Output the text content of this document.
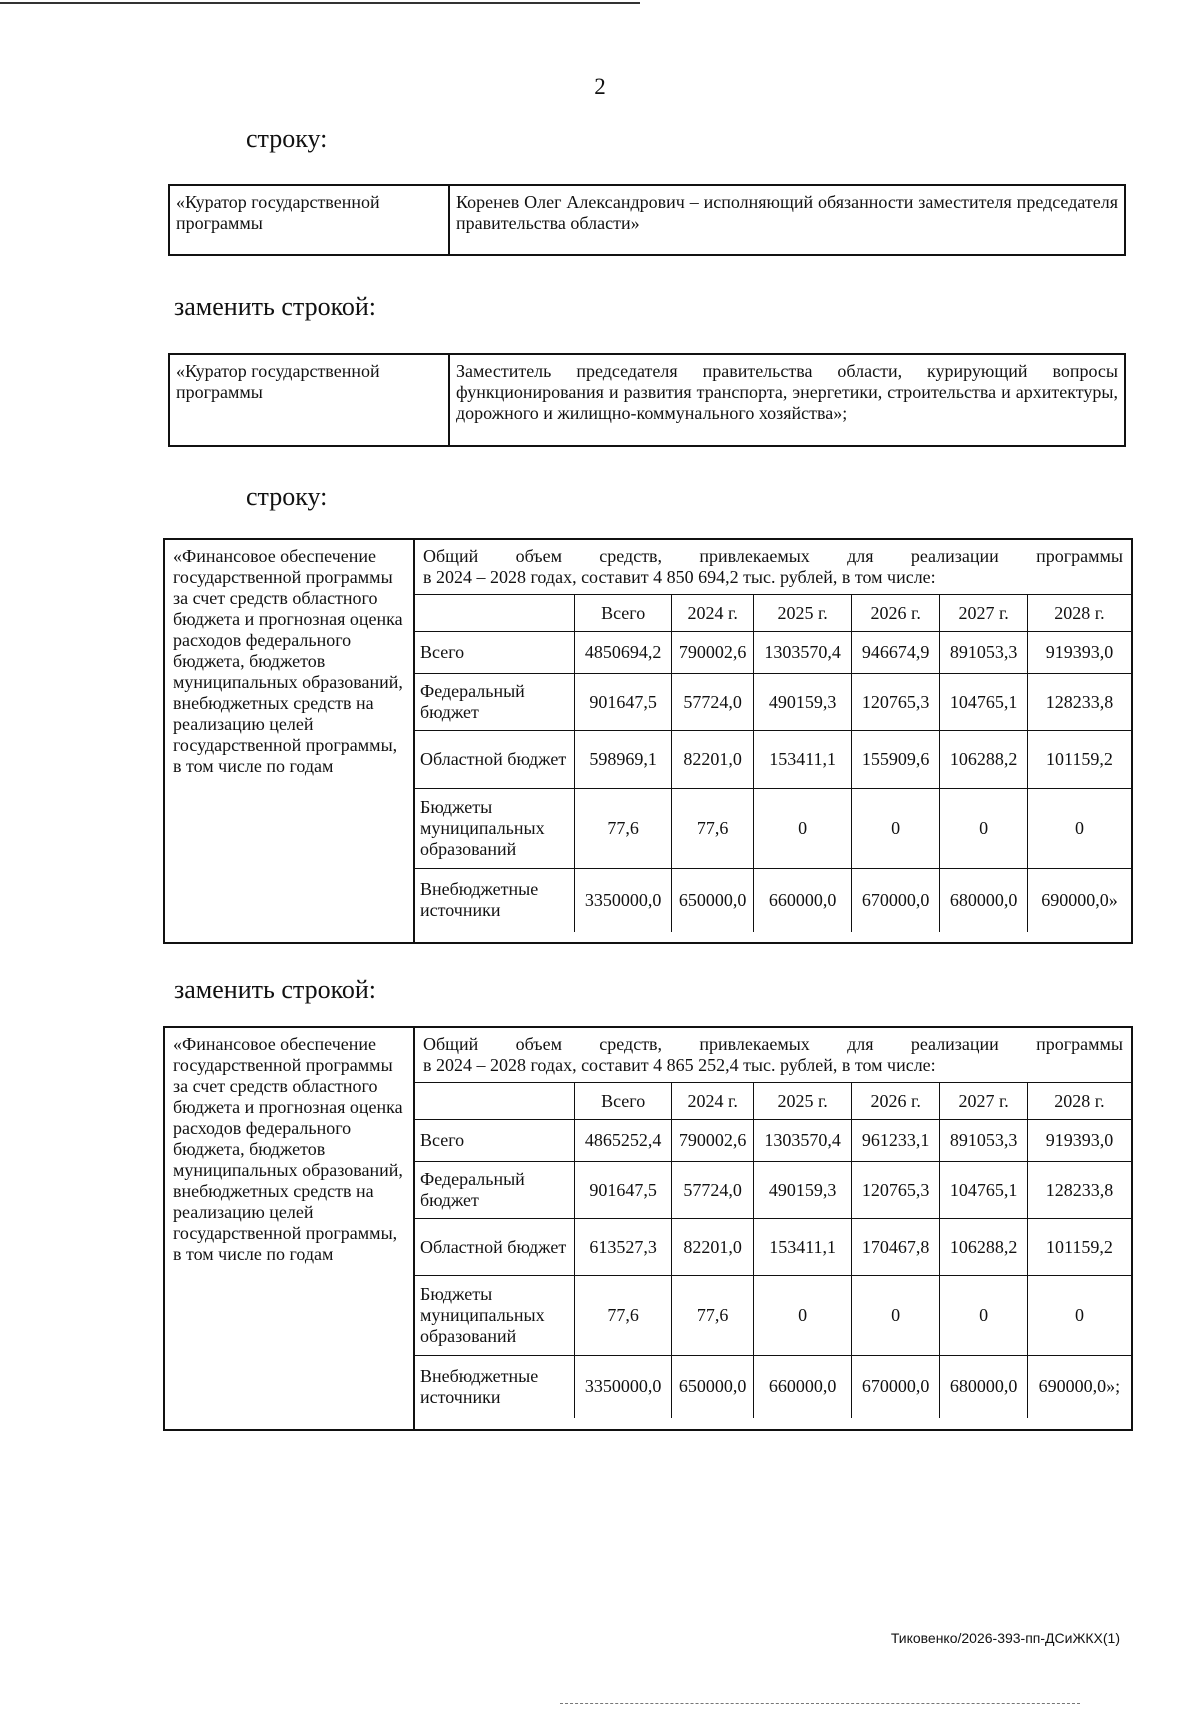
2
строку:
«Куратор государственной программы	Коренев Олег Александрович – исполняющий обязанности заместителя председателя правительства области»
заменить строкой:
«Куратор государственной программы	Заместитель председателя правительства области, курирующий вопросы функционирования и развития транспорта, энергетики, строительства и архитектуры, дорожного и жилищно-коммунального хозяйства»;
строку:
«Финансовое обеспечение государственной программы за счет средств областного бюджета и прогнозная оценка расходов федерального бюджета, бюджетов муниципальных образований, внебюджетных средств на реализацию целей государственной программы, в том числе по годам	
Общий объем средств, привлекаемых для реализации программы
в 2024 – 2028 годах, составит 4 850 694,2 тыс. рублей, в том числе:
	Всего	2024 г.	2025 г.	2026 г.	2027 г.	2028 г.
Всего	4850694,2	790002,6	1303570,4	946674,9	891053,3	919393,0
Федеральный бюджет	901647,5	57724,0	490159,3	120765,3	104765,1	128233,8
Областной бюджет	598969,1	82201,0	153411,1	155909,6	106288,2	101159,2
Бюджеты муниципальных образований	77,6	77,6	0	0	0	0
Внебюджетные источники	3350000,0	650000,0	660000,0	670000,0	680000,0	690000,0»
заменить строкой:
«Финансовое обеспечение государственной программы за счет средств областного бюджета и прогнозная оценка расходов федерального бюджета, бюджетов муниципальных образований, внебюджетных средств на реализацию целей государственной программы, в том числе по годам	
Общий объем средств, привлекаемых для реализации программы
в 2024 – 2028 годах, составит 4 865 252,4 тыс. рублей, в том числе:
	Всего	2024 г.	2025 г.	2026 г.	2027 г.	2028 г.
Всего	4865252,4	790002,6	1303570,4	961233,1	891053,3	919393,0
Федеральный бюджет	901647,5	57724,0	490159,3	120765,3	104765,1	128233,8
Областной бюджет	613527,3	82201,0	153411,1	170467,8	106288,2	101159,2
Бюджеты муниципальных образований	77,6	77,6	0	0	0	0
Внебюджетные источники	3350000,0	650000,0	660000,0	670000,0	680000,0	690000,0»;
Тиковенко/2026-393-пп-ДСиЖКХ(1)
